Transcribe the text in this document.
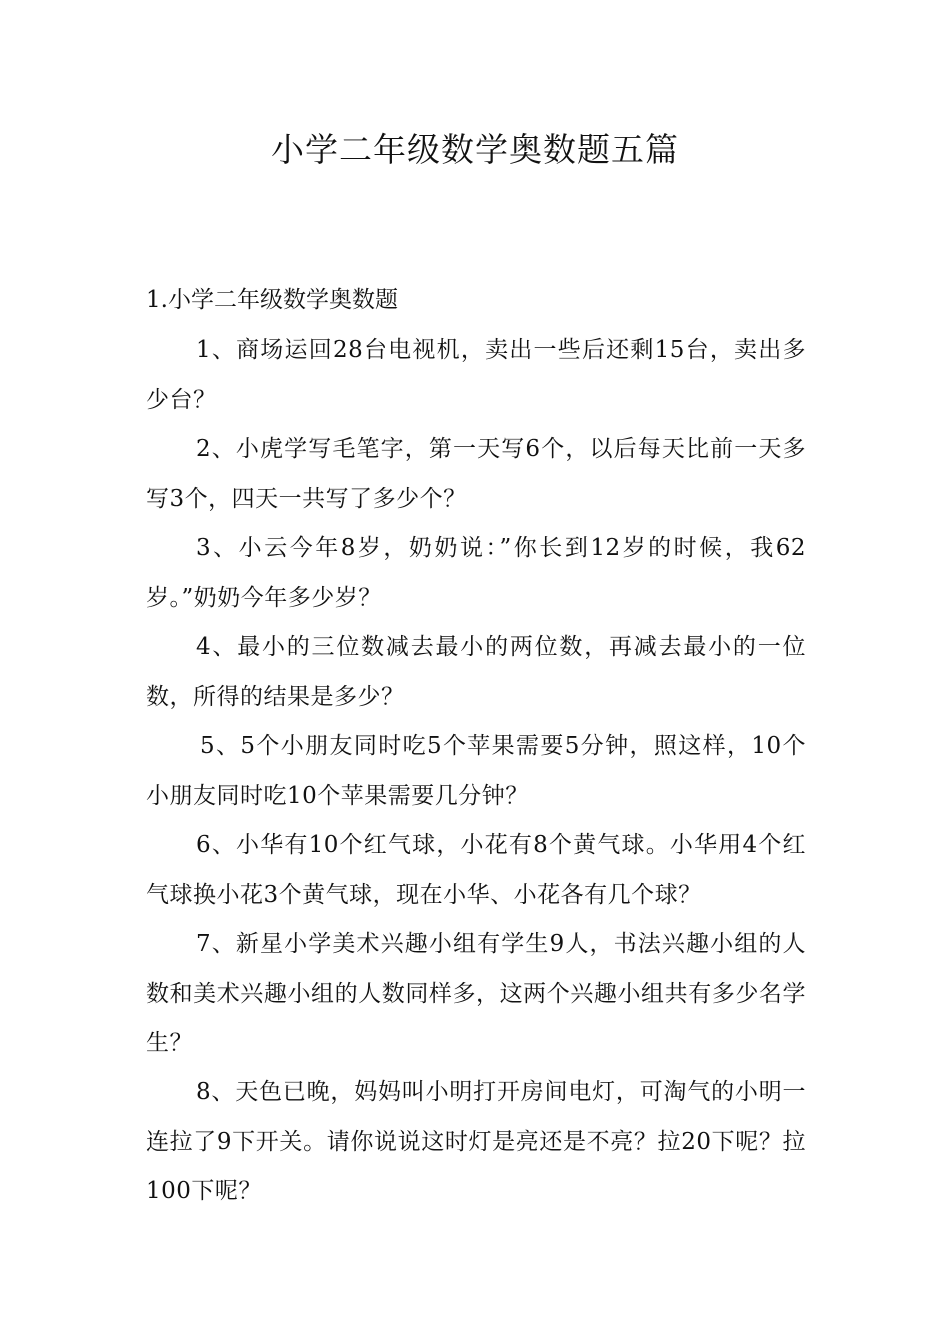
小学二年级数学奥数题五篇

1.小学二年级数学奥数题

1、商场运回28台电视机，卖出一些后还剩15台，卖出多少台？

2、小虎学写毛笔字，第一天写6个，以后每天比前一天多写3个，四天一共写了多少个？

3、小云今年8岁，奶奶说：”你长到12岁的时候，我62岁。”奶奶今年多少岁？

4、最小的三位数减去最小的两位数，再减去最小的一位数，所得的结果是多少？

5、5个小朋友同时吃5个苹果需要5分钟，照这样，10个小朋友同时吃10个苹果需要几分钟？

6、小华有10个红气球，小花有8个黄气球。小华用4个红气球换小花3个黄气球，现在小华、小花各有几个球？

7、新星小学美术兴趣小组有学生9人，书法兴趣小组的人数和美术兴趣小组的人数同样多，这两个兴趣小组共有多少名学生？

8、天色已晚，妈妈叫小明打开房间电灯，可淘气的小明一连拉了9下开关。请你说说这时灯是亮还是不亮？拉20下呢？拉100下呢？
